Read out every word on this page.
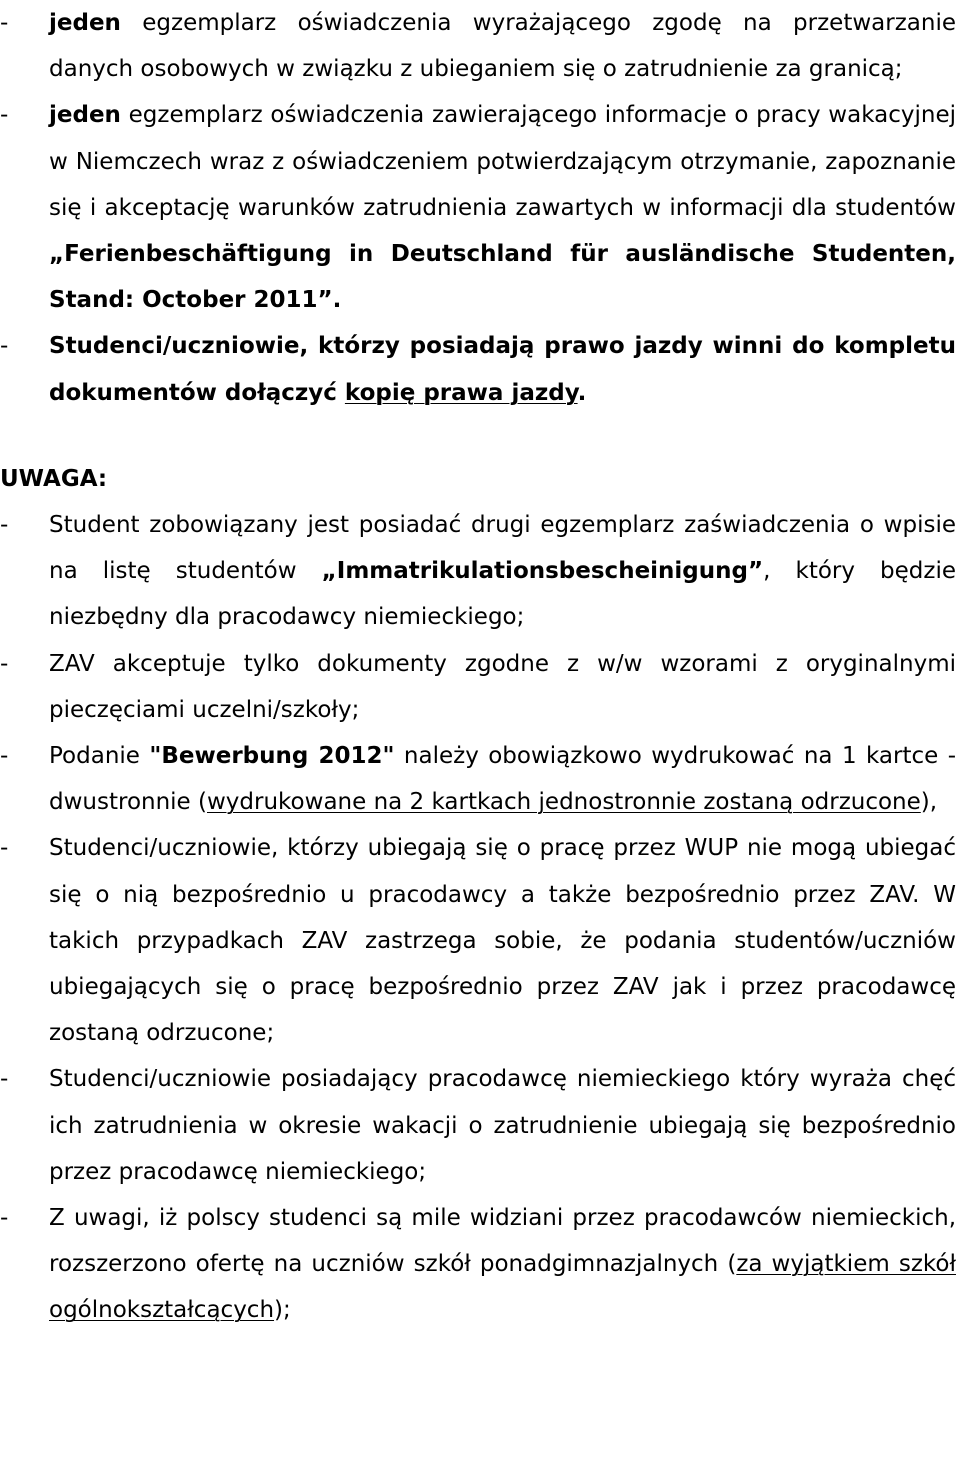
- jeden egzemplarz oświadczenia wyrażającego zgodę na przetwarzanie danych osobowych w związku z ubieganiem się o zatrudnienie za granicą;
- jeden egzemplarz oświadczenia zawierającego informacje o pracy wakacyjnej w Niemczech wraz z oświadczeniem potwierdzającym otrzymanie, zapoznanie się i akceptację warunków zatrudnienia zawartych w informacji dla studentów „Ferienbeschäftigung in Deutschland für ausländische Studenten, Stand: October 2011”.
- Studenci/uczniowie, którzy posiadają prawo jazdy winni do kompletu dokumentów dołączyć kopię prawa jazdy.
UWAGA:
- Student zobowiązany jest posiadać drugi egzemplarz zaświadczenia o wpisie na listę studentów „Immatrikulationsbescheinigung”, który będzie niezbędny dla pracodawcy niemieckiego;
- ZAV akceptuje tylko dokumenty zgodne z w/w wzorami z oryginalnymi pieczęciami uczelni/szkoły;
- Podanie "Bewerbung 2012" należy obowiązkowo wydrukować na 1 kartce - dwustronnie (wydrukowane na 2 kartkach jednostronnie zostaną odrzucone),
- Studenci/uczniowie, którzy ubiegają się o pracę przez WUP nie mogą ubiegać się o nią bezpośrednio u pracodawcy a także bezpośrednio przez ZAV. W takich przypadkach ZAV zastrzega sobie, że podania studentów/uczniów ubiegających się o pracę bezpośrednio przez ZAV jak i przez pracodawcę zostaną odrzucone;
- Studenci/uczniowie posiadający pracodawcę niemieckiego który wyraża chęć ich zatrudnienia w okresie wakacji o zatrudnienie ubiegają się bezpośrednio przez pracodawcę niemieckiego;
- Z uwagi, iż polscy studenci są mile widziani przez pracodawców niemieckich, rozszerzono ofertę na uczniów szkół ponadgimnazjalnych (za wyjątkiem szkół ogólnokształcących);
